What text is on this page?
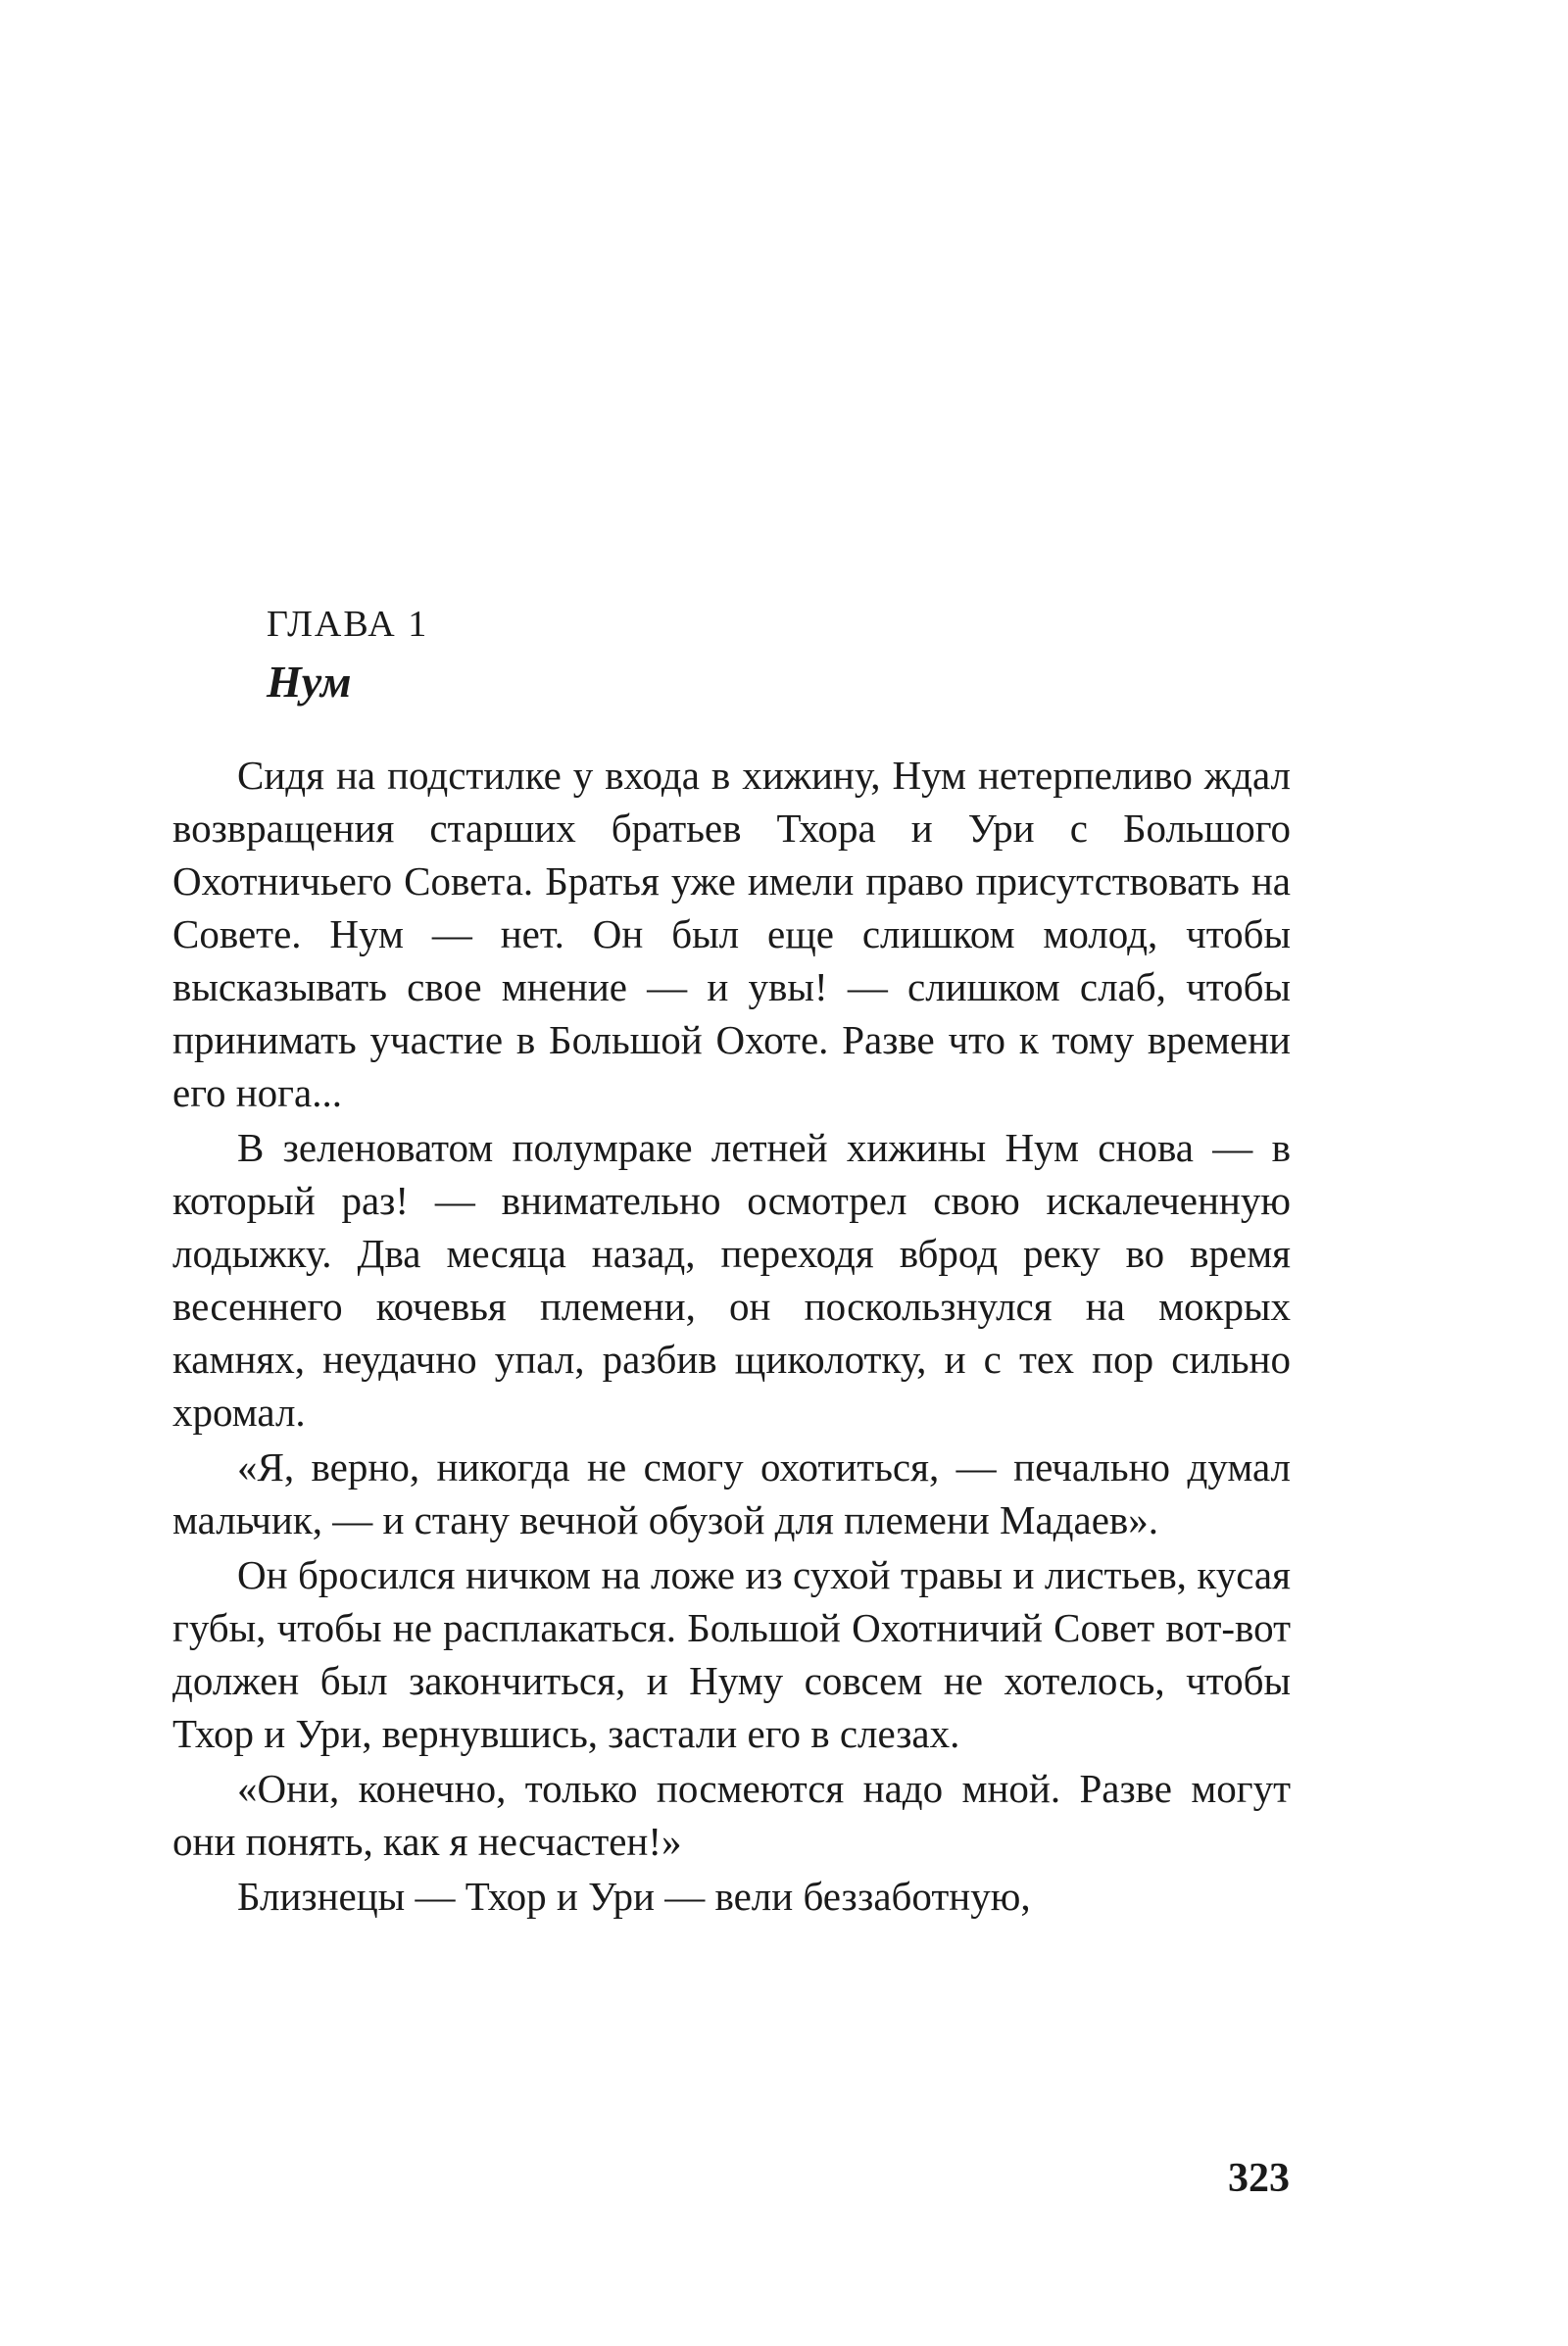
ГЛАВА 1
Нум

Сидя на подстилке у входа в хижину, Нум нетерпеливо ждал возвращения старших братьев Тхора и Ури с Большого Охотничьего Совета. Братья уже имели право присутствовать на Совете. Нум — нет. Он был еще слишком молод, чтобы высказывать свое мнение — и увы! — слишком слаб, чтобы принимать участие в Большой Охоте. Разве что к тому времени его нога...

В зеленоватом полумраке летней хижины Нум снова — в который раз! — внимательно осмотрел свою искалеченную лодыжку. Два месяца назад, переходя вброд реку во время весеннего кочевья племени, он поскользнулся на мокрых камнях, неудачно упал, разбив щиколотку, и с тех пор сильно хромал.

«Я, верно, никогда не смогу охотиться, — печально думал мальчик, — и стану вечной обузой для племени Мадаев».

Он бросился ничком на ложе из сухой травы и листьев, кусая губы, чтобы не расплакаться. Большой Охотничий Совет вот-вот должен был закончиться, и Нуму совсем не хотелось, чтобы Тхор и Ури, вернувшись, застали его в слезах.

«Они, конечно, только посмеются надо мной. Разве могут они понять, как я несчастен!»

Близнецы — Тхор и Ури — вели беззаботную,

323
